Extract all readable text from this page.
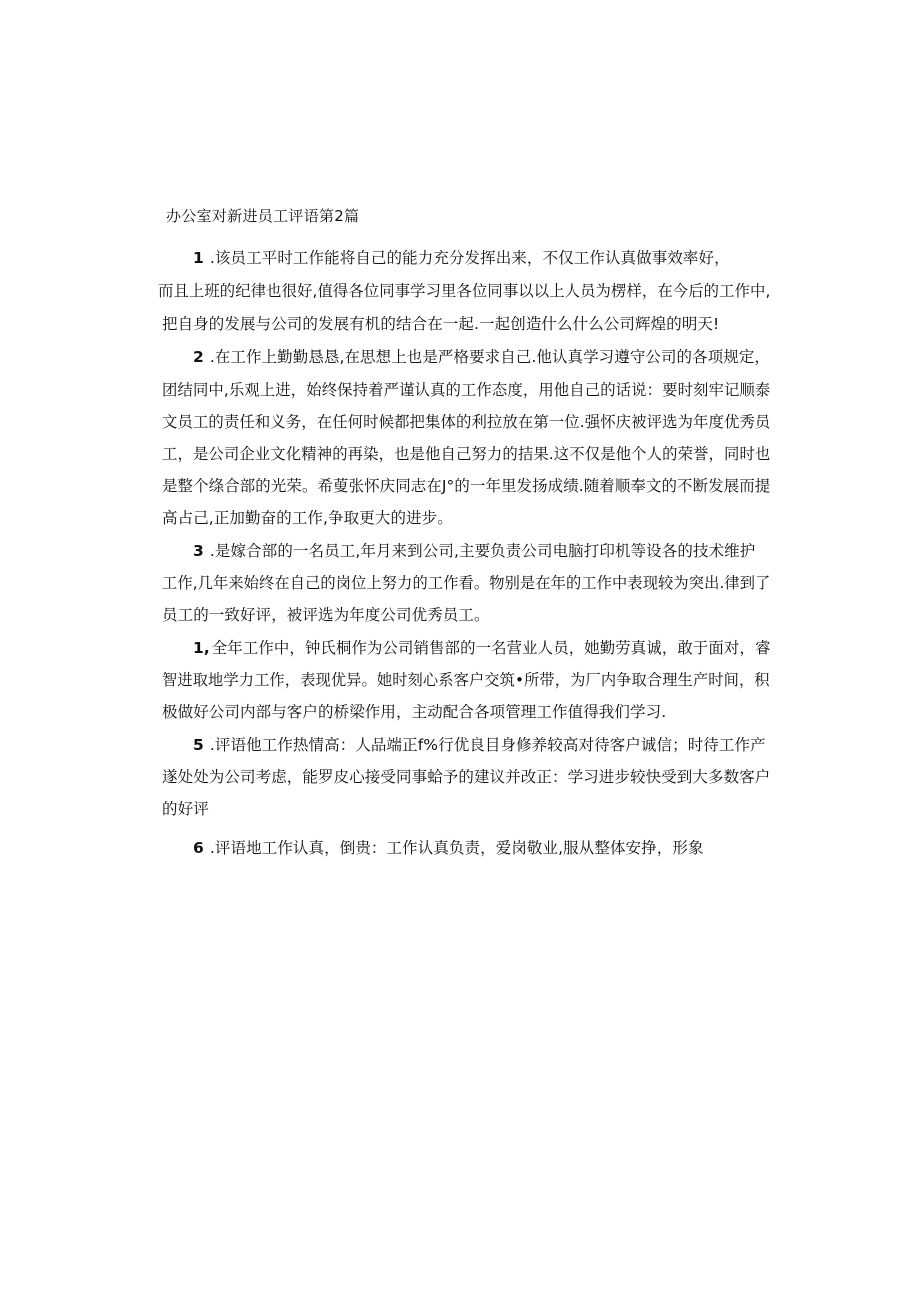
办公室对新进员工评语第2篇
1 .该员工平时工作能将自己的能力充分发挥出来，不仅工作认真做事效率好，
而且上班的纪律也很好,值得各位同事学习里各位同事以以上人员为楞样，在今后的工作中,
把自身的发展与公司的发展有机的结合在一起.一起创造什么什么公司辉煌的明天!
2 .在工作上勤勤恳恳,在思想上也是严格要求自己.他认真学习遵守公司的各项规定，
团结同中,乐观上进，始终保持着严谨认真的工作态度，用他自己的话说：要时刻牢记顺泰
文员工的责任和义务，在任何时候都把集体的利拉放在第一位.强怀庆被评选为年度优秀员
工，是公司企业文化精神的再染，也是他自己努力的拮果.这不仅是他个人的荣誉，同时也
是整个绦合部的光荣。希蓃张怀庆同志在J°的一年里发扬成绩.随着顺奉文的不断发展而提
高占己,正加勤奋的工作,争取更大的进步。
3 .是嫁合部的一名员工,年月来到公司,主要负责公司电脑打印机等设各的技术维护
工作,几年来始终在自己的岗位上努力的工作看。物别是在年的工作中表现较为突出.律到了
员工的一致好评，被评选为年度公司优秀员工。
1, 全年工作中，钟氏桐作为公司销售部的一名营业人员，她勤劳真诚，敢于面对，睿
智进取地学力工作，表现优异。她时刻心系客户交筑•所带，为厂内争取合理生产时间，积
极做好公司内部与客户的桥梁作用，主动配合各项管理工作值得我们学习.
5 .评语他工作热情高：人品端正f%行优良目身修养较高对待客户诚信；时待工作产
遂处处为公司考虑，能罗皮心接受同事蛤予的建议并改正：学习进步较快受到大多数客户
的好评
6 .评语地工作认真，倒贵：工作认真负责，爱岗敬业,服从整体安挣，形象
